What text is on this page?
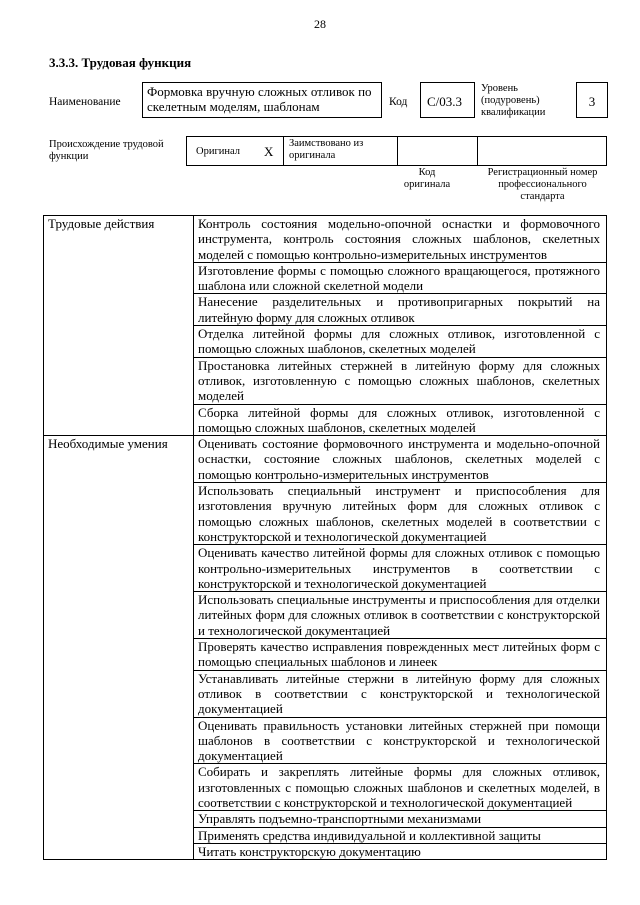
28
3.3.3. Трудовая функция
Наименование
Формовка вручную сложных отливок по скелетным моделям, шаблонам	Код	C/03.3
Уровень (подуровень) квалификации
3
Происхождение трудовой функции	Оригинал X
Заимствовано из оригинала
Код оригинала
Регистрационный номер профессионального стандарта
Трудовые действия	Контроль состояния модельно-опочной оснастки и формовочного инструмента, контроль состояния сложных шаблонов, скелетных моделей с помощью контрольно-измерительных инструментов
	Изготовление формы с помощью сложного вращающегося, протяжного шаблона или сложной скелетной модели
	Нанесение разделительных и противопригарных покрытий на литейную форму для сложных отливок
	Отделка литейной формы для сложных отливок, изготовленной с помощью сложных шаблонов, скелетных моделей
	Простановка литейных стержней в литейную форму для сложных отливок, изготовленную с помощью сложных шаблонов, скелетных моделей
	Сборка литейной формы для сложных отливок, изготовленной с помощью сложных шаблонов, скелетных моделей
Необходимые умения	Оценивать состояние формовочного инструмента и модельно-опочной оснастки, состояние сложных шаблонов, скелетных моделей с помощью контрольно-измерительных инструментов
	Использовать специальный инструмент и приспособления для изготовления вручную литейных форм для сложных отливок с помощью сложных шаблонов, скелетных моделей в соответствии с конструкторской и технологической документацией
	Оценивать качество литейной формы для сложных отливок с помощью контрольно-измерительных инструментов в соответствии с конструкторской и технологической документацией
	Использовать специальные инструменты и приспособления для отделки литейных форм для сложных отливок в соответствии с конструкторской и технологической документацией
	Проверять качество исправления поврежденных мест литейных форм с помощью специальных шаблонов и линеек
	Устанавливать литейные стержни в литейную форму для сложных отливок в соответствии с конструкторской и технологической документацией
	Оценивать правильность установки литейных стержней при помощи шаблонов в соответствии с конструкторской и технологической документацией
	Собирать и закреплять литейные формы для сложных отливок, изготовленных с помощью сложных шаблонов и скелетных моделей, в соответствии с конструкторской и технологической документацией
	Управлять подъемно-транспортными механизмами
	Применять средства индивидуальной и коллективной защиты
	Читать конструкторскую документацию
